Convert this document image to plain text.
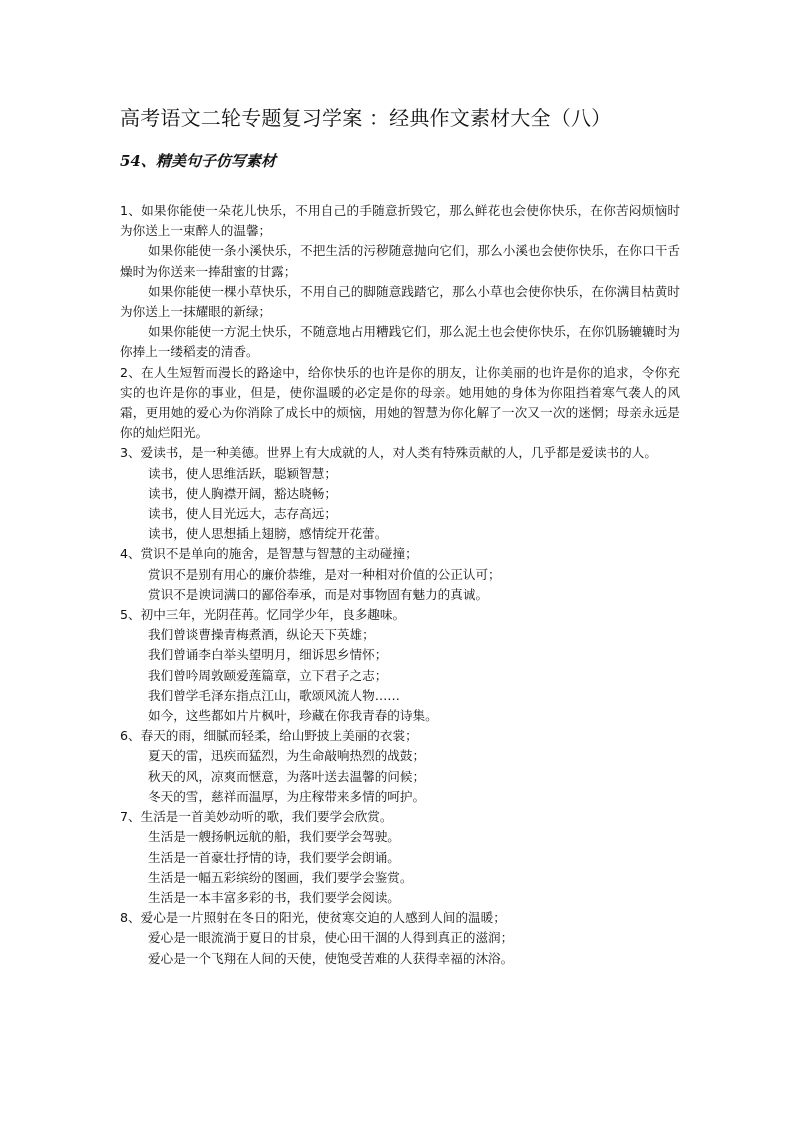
高考语文二轮专题复习学案 ：经典作文素材大全（八）
54、精美句子仿写素材

1、如果你能使一朵花儿快乐，不用自己的手随意折毁它，那么鲜花也会使你快乐，在你苦闷烦恼时为你送上一束醉人的温馨；

如果你能使一条小溪快乐，不把生活的污秽随意抛向它们，那么小溪也会使你快乐，在你口干舌燥时为你送来一捧甜蜜的甘露；

如果你能使一棵小草快乐，不用自己的脚随意践踏它，那么小草也会使你快乐，在你满目枯黄时为你送上一抹耀眼的新绿；

如果你能使一方泥土快乐，不随意地占用糟践它们，那么泥土也会使你快乐，在你饥肠辘辘时为你捧上一缕稻麦的清香。

2、在人生短暂而漫长的路途中，给你快乐的也许是你的朋友，让你美丽的也许是你的追求，令你充实的也许是你的事业，但是，使你温暖的必定是你的母亲。她用她的身体为你阻挡着寒气袭人的风霜，更用她的爱心为你消除了成长中的烦恼，用她的智慧为你化解了一次又一次的迷惘；母亲永远是你的灿烂阳光。

3、爱读书，是一种美德。世界上有大成就的人，对人类有特殊贡献的人，几乎都是爱读书的人。

读书，使人思维活跃，聪颖智慧；

读书，使人胸襟开阔，豁达晓畅；

读书，使人目光远大，志存高远；

读书，使人思想插上翅膀，感情绽开花蕾。

4、赏识不是单向的施舍，是智慧与智慧的主动碰撞；

赏识不是别有用心的廉价恭维，是对一种相对价值的公正认可；

赏识不是谀词满口的鄙俗奉承，而是对事物固有魅力的真诚。

5、初中三年，光阴荏苒。忆同学少年，良多趣味。

我们曾谈曹操青梅煮酒，纵论天下英雄；

我们曾诵李白举头望明月，细诉思乡情怀；

我们曾吟周敦颐爱莲篇章，立下君子之志；

我们曾学毛泽东指点江山，歌颂风流人物……

如今，这些都如片片枫叶，珍藏在你我青春的诗集。

6、春天的雨，细腻而轻柔，给山野披上美丽的衣裳；

夏天的雷，迅疾而猛烈，为生命敲响热烈的战鼓；

秋天的风，凉爽而惬意，为落叶送去温馨的问候；

冬天的雪，慈祥而温厚，为庄稼带来多情的呵护。

7、生活是一首美妙动听的歌，我们要学会欣赏。

生活是一艘扬帆远航的船，我们要学会驾驶。

生活是一首豪壮抒情的诗，我们要学会朗诵。

生活是一幅五彩缤纷的图画，我们要学会鉴赏。

生活是一本丰富多彩的书，我们要学会阅读。

8、爱心是一片照射在冬日的阳光，使贫寒交迫的人感到人间的温暖；

爱心是一眼流淌于夏日的甘泉，使心田干涸的人得到真正的滋润；

爱心是一个飞翔在人间的天使，使饱受苦难的人获得幸福的沐浴。
